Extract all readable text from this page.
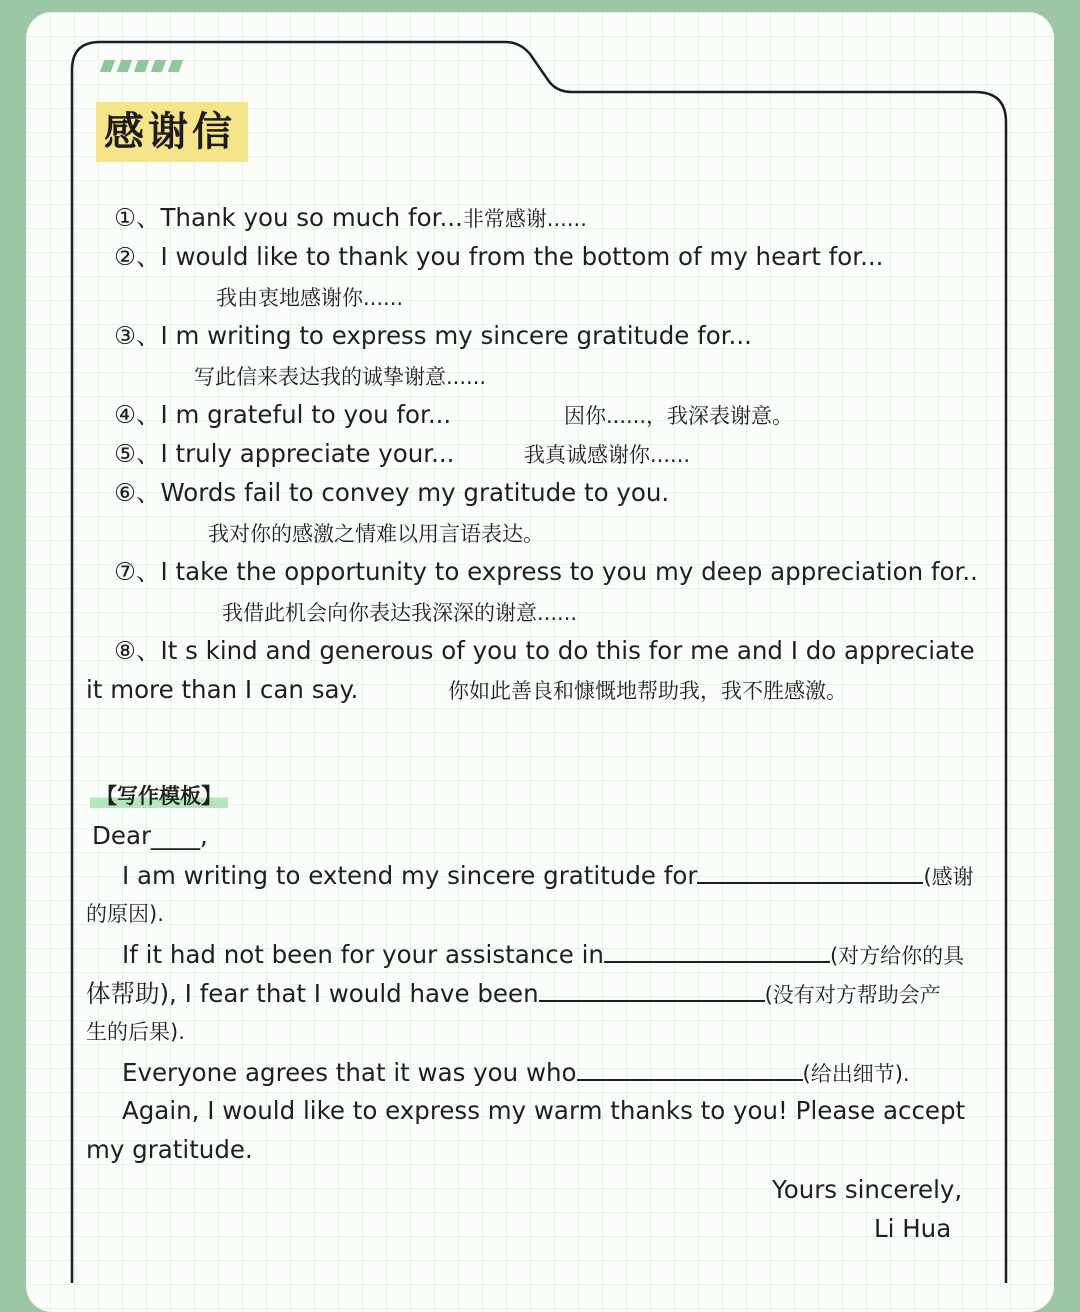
感谢信
①、Thank you so much for...非常感谢......
②、I would like to thank you from the bottom of my heart for...
我由衷地感谢你......
③、I m writing to express my sincere gratitude for...
写此信来表达我的诚挚谢意......
④、I m grateful to you for...	因你......，我深表谢意。
⑤、I truly appreciate your...	我真诚感谢你......
⑥、Words fail to convey my gratitude to you.
我对你的感激之情难以用言语表达。
⑦、I take the opportunity to express to you my deep appreciation for..
我借此机会向你表达我深深的谢意......
⑧、It s kind and generous of you to do this for me and I do appreciate
it more than I can say.	你如此善良和慷慨地帮助我，我不胜感激。
【写作模板】
Dear____,
I am writing to extend my sincere gratitude for	(感谢
的原因).
If it had not been for your assistance in	(对方给你的具
体帮助), I fear that I would have been	(没有对方帮助会产
生的后果).
Everyone agrees that it was you who	(给出细节).
Again, I would like to express my warm thanks to you! Please accept
my gratitude.
Yours sincerely,
Li Hua
